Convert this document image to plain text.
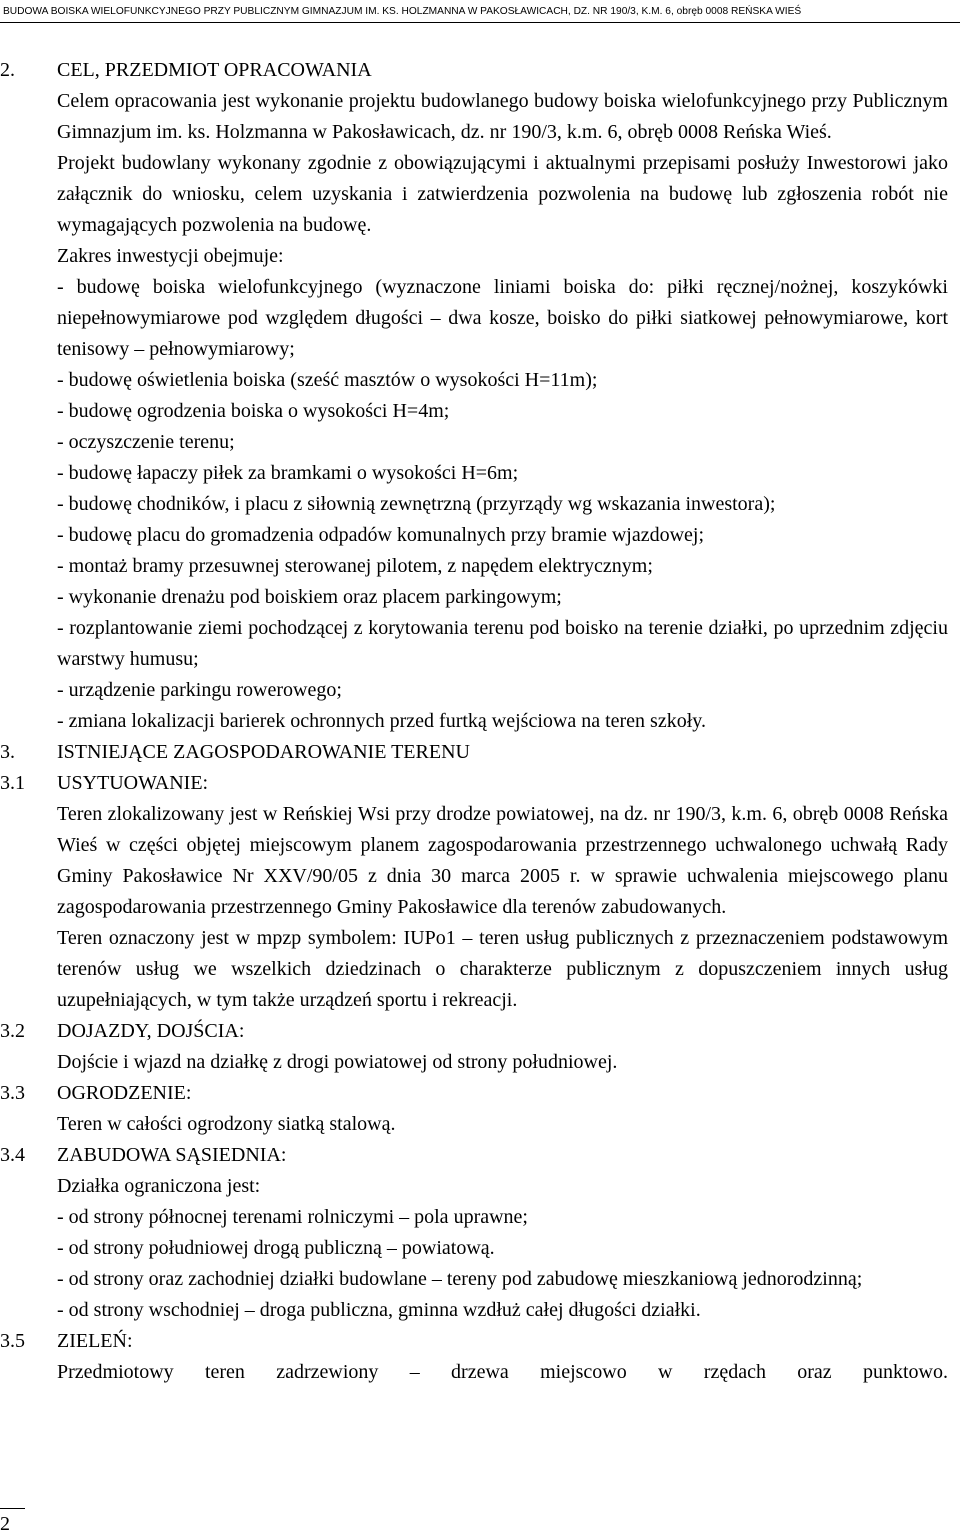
BUDOWA BOISKA WIELOFUNKCYJNEGO PRZY PUBLICZNYM GIMNAZJUM IM. KS. HOLZMANNA W PAKOSŁAWICACH, DZ. NR 190/3, K.M. 6, obręb 0008 REŃSKA WIEŚ
2. CEL, PRZEDMIOT OPRACOWANIA
Celem opracowania jest wykonanie projektu budowlanego budowy boiska wielofunkcyjnego przy Publicznym Gimnazjum im. ks. Holzmanna w Pakosławicach, dz. nr 190/3, k.m. 6, obręb 0008 Reńska Wieś.
Projekt budowlany wykonany zgodnie z obowiązującymi i aktualnymi przepisami posłuży Inwestorowi jako załącznik do wniosku, celem uzyskania i zatwierdzenia pozwolenia na budowę lub zgłoszenia robót nie wymagających pozwolenia na budowę.
Zakres inwestycji obejmuje:
- budowę boiska wielofunkcyjnego (wyznaczone liniami boiska do: piłki ręcznej/nożnej, koszykówki niepełnowymiarowe pod względem długości – dwa kosze, boisko do piłki siatkowej pełnowymiarowe, kort tenisowy – pełnowymiarowy;
- budowę oświetlenia boiska (sześć masztów o wysokości H=11m);
- budowę ogrodzenia boiska o wysokości H=4m;
- oczyszczenie terenu;
- budowę łapaczy piłek za bramkami o wysokości H=6m;
- budowę chodników, i placu z siłownią zewnętrzną (przyrządy wg wskazania inwestora);
- budowę placu do gromadzenia odpadów komunalnych przy bramie wjazdowej;
- montaż bramy przesuwnej sterowanej pilotem, z napędem elektrycznym;
- wykonanie drenażu pod boiskiem oraz placem parkingowym;
- rozplantowanie ziemi pochodzącej z korytowania terenu pod boisko na terenie działki, po uprzednim zdjęciu warstwy humusu;
- urządzenie parkingu rowerowego;
- zmiana lokalizacji barierek ochronnych przed furtką wejściowa na teren szkoły.
3. ISTNIEJĄCE ZAGOSPODAROWANIE TERENU
3.1 USYTUOWANIE:
Teren zlokalizowany jest w Reńskiej Wsi przy drodze powiatowej, na dz. nr 190/3, k.m. 6, obręb 0008 Reńska Wieś w części objętej miejscowym planem zagospodarowania przestrzennego uchwalonego uchwałą Rady Gminy Pakosławice Nr XXV/90/05 z dnia 30 marca 2005 r. w sprawie uchwalenia miejscowego planu zagospodarowania przestrzennego Gminy Pakosławice dla terenów zabudowanych.
Teren oznaczony jest w mpzp symbolem: IUPo1 – teren usług publicznych z przeznaczeniem podstawowym terenów usług we wszelkich dziedzinach o charakterze publicznym z dopuszczeniem innych usług uzupełniających, w tym także urządzeń sportu i rekreacji.
3.2 DOJAZDY, DOJŚCIA:
Dojście i wjazd na działkę z drogi powiatowej od strony południowej.
3.3 OGRODZENIE:
Teren w całości ogrodzony siatką stalową.
3.4 ZABUDOWA SĄSIEDNIA:
Działka ograniczona jest:
- od strony północnej terenami rolniczymi – pola uprawne;
- od strony południowej drogą publiczną – powiatową.
- od strony oraz zachodniej działki budowlane – tereny pod zabudowę mieszkaniową jednorodzinną;
- od strony wschodniej – droga publiczna, gminna wzdłuż całej długości działki.
3.5 ZIELEŃ:
Przedmiotowy teren zadrzewiony – drzewa miejscowo w rzędach oraz punktowo.
2
